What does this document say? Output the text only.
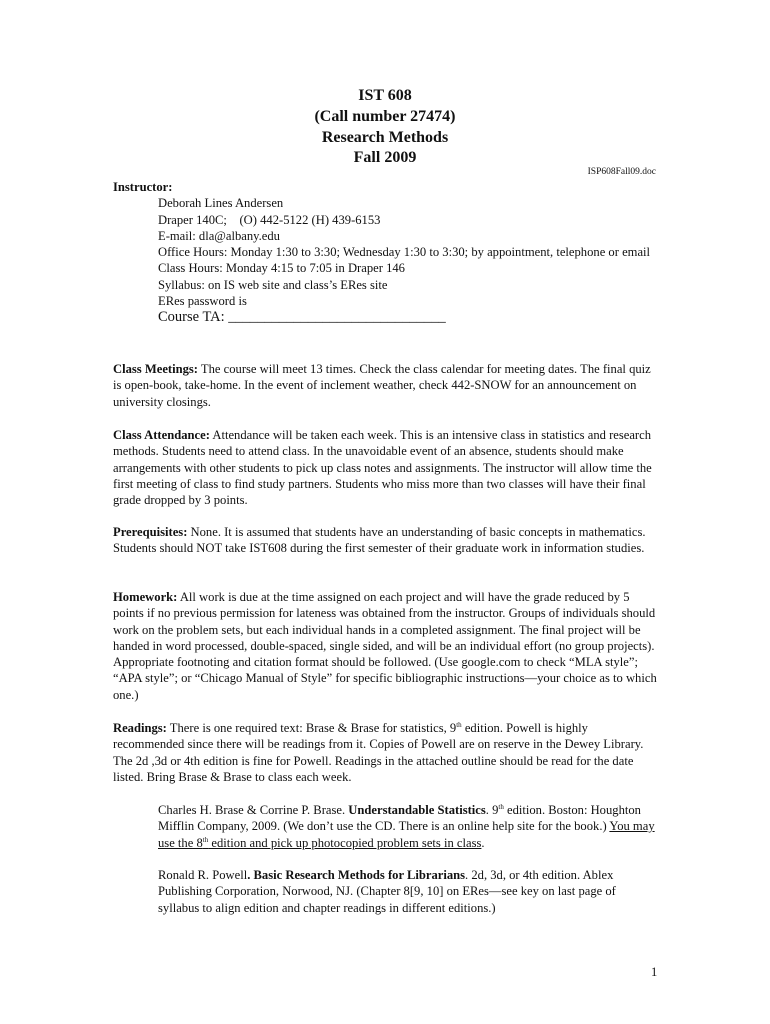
IST 608
(Call number 27474)
Research Methods
Fall 2009
ISP608Fall09.doc
Instructor:
Deborah Lines Andersen
Draper 140C;    (O) 442-5122 (H) 439-6153
E-mail: dla@albany.edu
Office Hours: Monday 1:30 to 3:30; Wednesday 1:30 to 3:30; by appointment, telephone or email
Class Hours: Monday 4:15 to 7:05 in Draper 146
Syllabus: on IS web site and class’s ERes site
ERes password is
Course TA: ______________________________
Class Meetings: The course will meet 13 times. Check the class calendar for meeting dates. The final quiz is open-book, take-home. In the event of inclement weather, check 442-SNOW for an announcement on university closings.
Class Attendance: Attendance will be taken each week. This is an intensive class in statistics and research methods. Students need to attend class. In the unavoidable event of an absence, students should make arrangements with other students to pick up class notes and assignments. The instructor will allow time the first meeting of class to find study partners. Students who miss more than two classes will have their final grade dropped by 3 points.
Prerequisites: None. It is assumed that students have an understanding of basic concepts in mathematics. Students should NOT take IST608 during the first semester of their graduate work in information studies.
Homework: All work is due at the time assigned on each project and will have the grade reduced by 5 points if no previous permission for lateness was obtained from the instructor. Groups of individuals should work on the problem sets, but each individual hands in a completed assignment. The final project will be handed in word processed, double-spaced, single sided, and will be an individual effort (no group projects). Appropriate footnoting and citation format should be followed. (Use google.com to check “MLA style”; “APA style”; or “Chicago Manual of Style” for specific bibliographic instructions—your choice as to which one.)
Readings: There is one required text: Brase & Brase for statistics, 9th edition. Powell is highly recommended since there will be readings from it. Copies of Powell are on reserve in the Dewey Library. The 2d ,3d or 4th edition is fine for Powell. Readings in the attached outline should be read for the date listed. Bring Brase & Brase to class each week.
Charles H. Brase & Corrine P. Brase. Understandable Statistics. 9th edition. Boston: Houghton Mifflin Company, 2009. (We don’t use the CD. There is an online help site for the book.) You may use the 8th edition and pick up photocopied problem sets in class.
Ronald R. Powell. Basic Research Methods for Librarians. 2d, 3d, or 4th edition. Ablex Publishing Corporation, Norwood, NJ. (Chapter 8[9, 10] on ERes—see key on last page of syllabus to align edition and chapter readings in different editions.)
1
